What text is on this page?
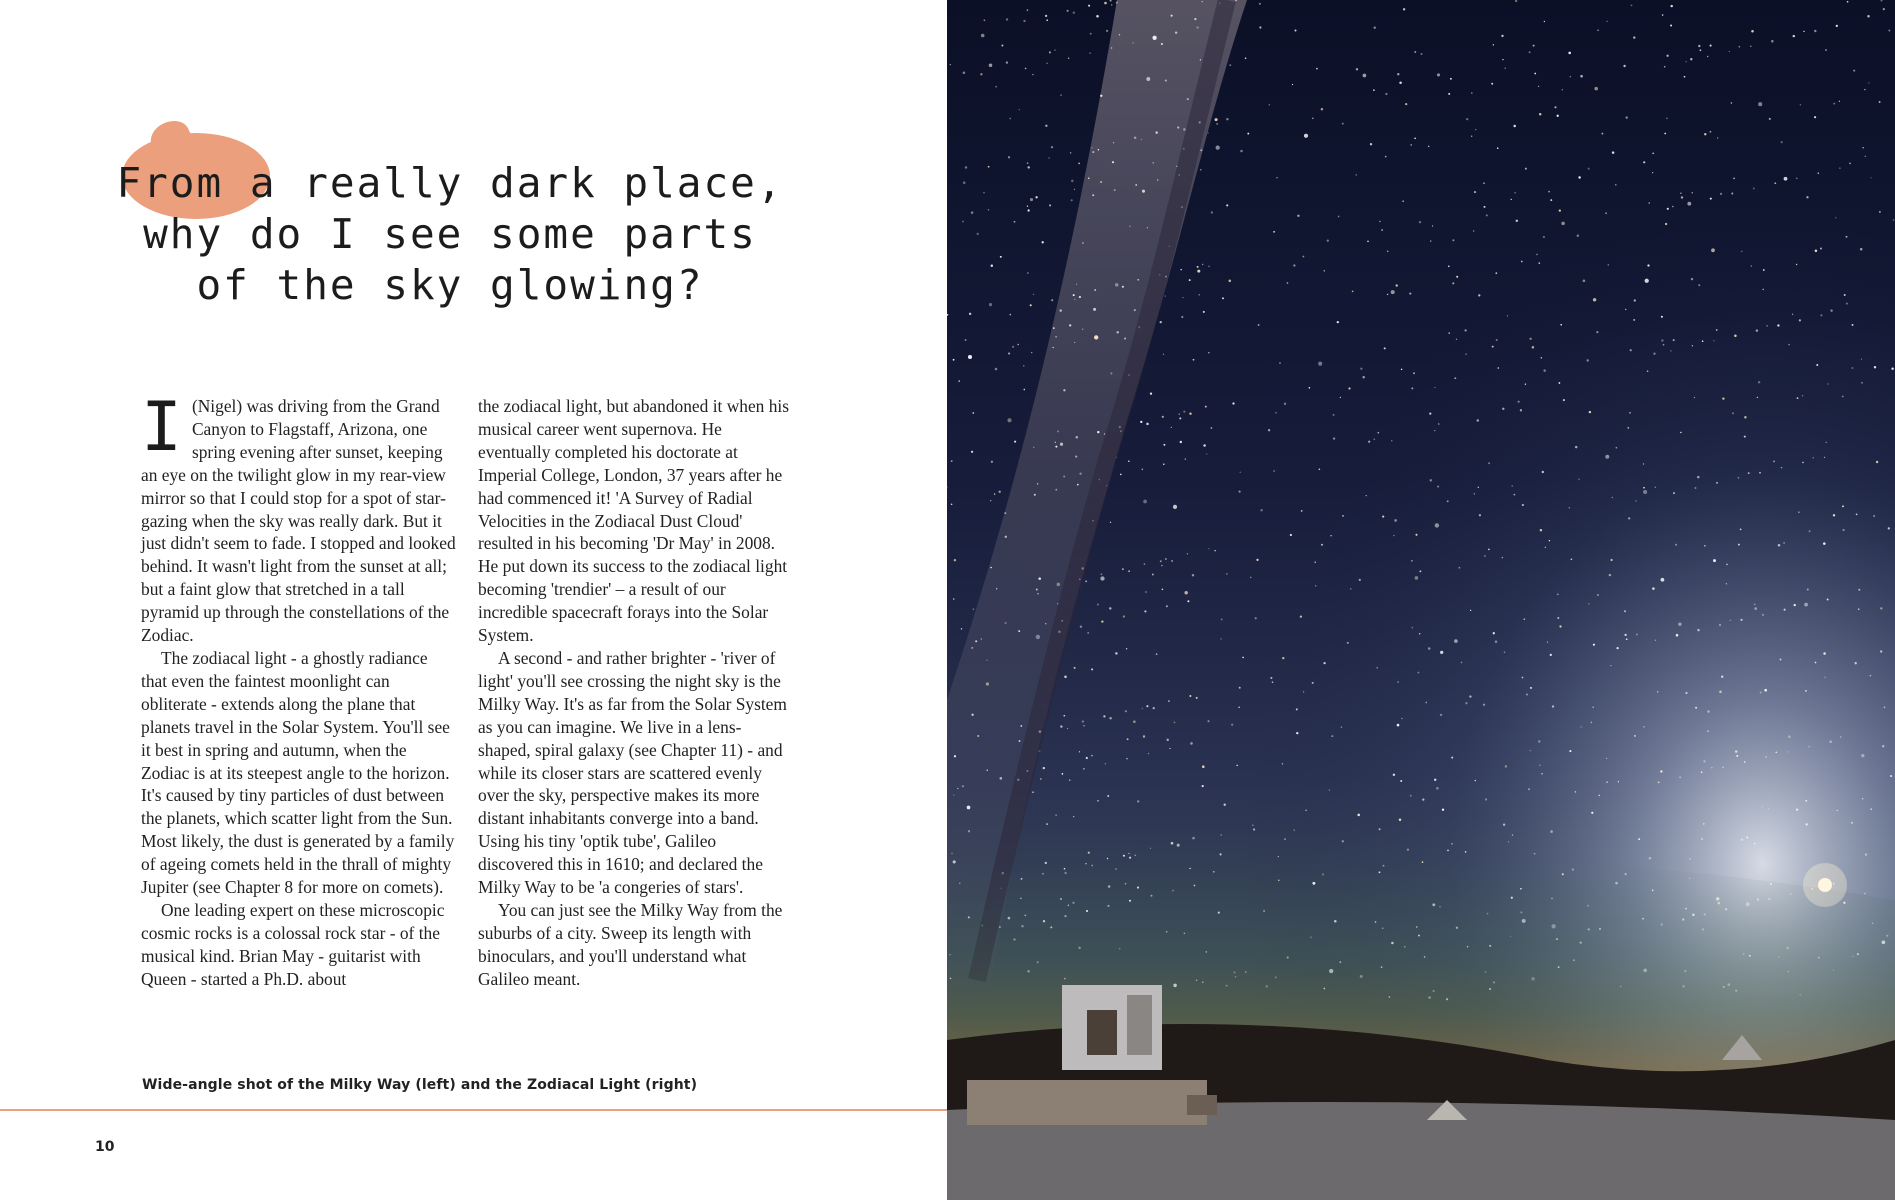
From a really dark place,
why do I see some parts
of the sky glowing?

I (Nigel) was driving from the Grand Canyon to Flagstaff, Arizona, one spring evening after sunset, keeping an eye on the twilight glow in my rear-view mirror so that I could stop for a spot of star-gazing when the sky was really dark. But it just didn't seem to fade. I stopped and looked behind. It wasn't light from the sunset at all; but a faint glow that stretched in a tall pyramid up through the constellations of the Zodiac.

The zodiacal light - a ghostly radiance that even the faintest moonlight can obliterate - extends along the plane that planets travel in the Solar System. You'll see it best in spring and autumn, when the Zodiac is at its steepest angle to the horizon. It's caused by tiny particles of dust between the planets, which scatter light from the Sun. Most likely, the dust is generated by a family of ageing comets held in the thrall of mighty Jupiter (see Chapter 8 for more on comets).

One leading expert on these microscopic cosmic rocks is a colossal rock star - of the musical kind. Brian May - guitarist with Queen - started a Ph.D. about

the zodiacal light, but abandoned it when his musical career went supernova. He eventually completed his doctorate at Imperial College, London, 37 years after he had commenced it! 'A Survey of Radial Velocities in the Zodiacal Dust Cloud' resulted in his becoming 'Dr May' in 2008. He put down its success to the zodiacal light becoming 'trendier' – a result of our incredible spacecraft forays into the Solar System.

A second - and rather brighter - 'river of light' you'll see crossing the night sky is the Milky Way. It's as far from the Solar System as you can imagine. We live in a lens-shaped, spiral galaxy (see Chapter 11) - and while its closer stars are scattered evenly over the sky, perspective makes its more distant inhabitants converge into a band. Using his tiny 'optik tube', Galileo discovered this in 1610; and declared the Milky Way to be 'a congeries of stars'.

You can just see the Milky Way from the suburbs of a city. Sweep its length with binoculars, and you'll understand what Galileo meant.

Wide-angle shot of the Milky Way (left) and the Zodiacal Light (right)
10
